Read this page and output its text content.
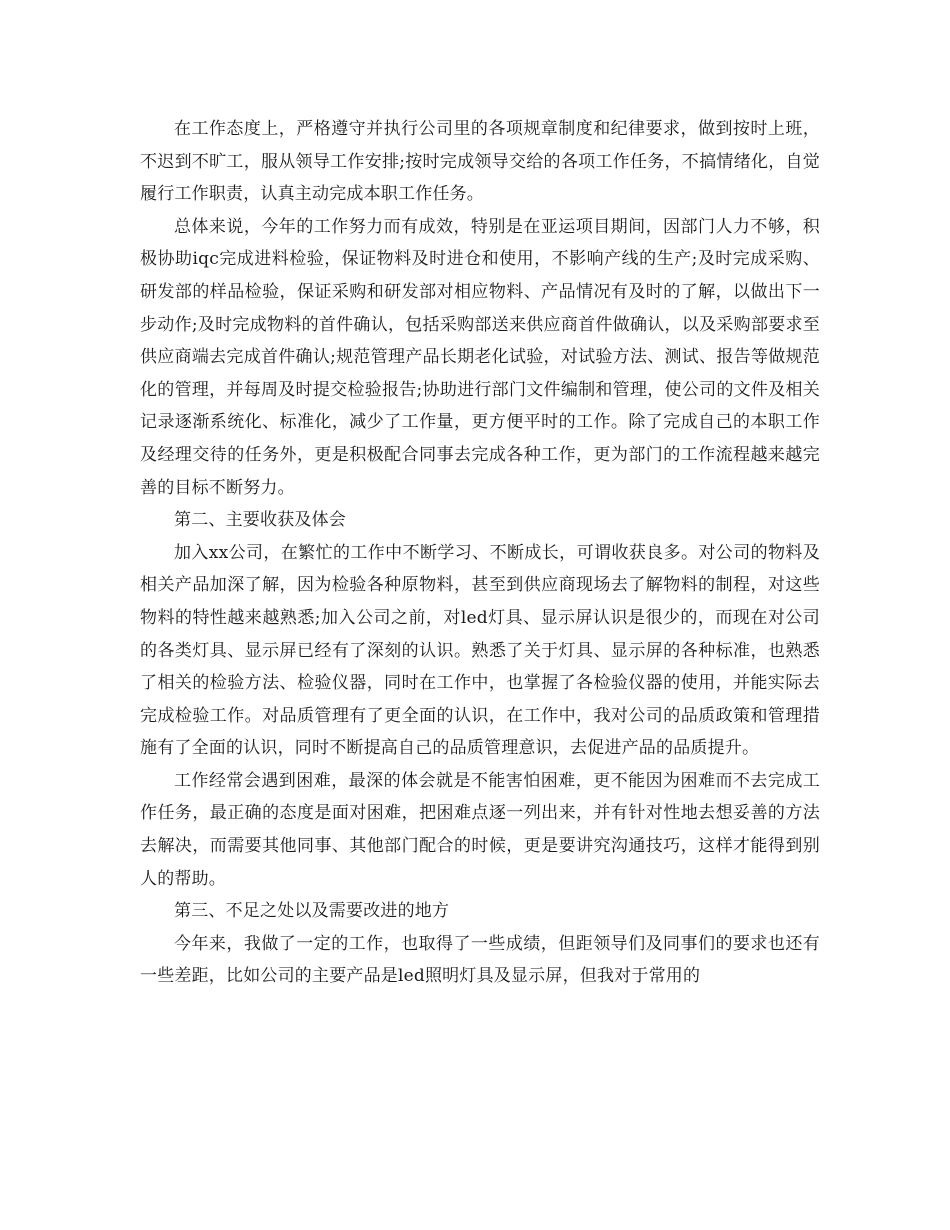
在工作态度上，严格遵守并执行公司里的各项规章制度和纪律要求，做到按时上班，不迟到不旷工，服从领导工作安排;按时完成领导交给的各项工作任务，不搞情绪化，自觉履行工作职责，认真主动完成本职工作任务。

总体来说，今年的工作努力而有成效，特别是在亚运项目期间，因部门人力不够，积极协助iqc完成进料检验，保证物料及时进仓和使用，不影响产线的生产;及时完成采购、研发部的样品检验，保证采购和研发部对相应物料、产品情况有及时的了解，以做出下一步动作;及时完成物料的首件确认，包括采购部送来供应商首件做确认，以及采购部要求至供应商端去完成首件确认;规范管理产品长期老化试验，对试验方法、测试、报告等做规范化的管理，并每周及时提交检验报告;协助进行部门文件编制和管理，使公司的文件及相关记录逐渐系统化、标准化，减少了工作量，更方便平时的工作。除了完成自己的本职工作及经理交待的任务外，更是积极配合同事去完成各种工作，更为部门的工作流程越来越完善的目标不断努力。

第二、主要收获及体会

加入xx公司，在繁忙的工作中不断学习、不断成长，可谓收获良多。对公司的物料及相关产品加深了解，因为检验各种原物料，甚至到供应商现场去了解物料的制程，对这些物料的特性越来越熟悉;加入公司之前，对led灯具、显示屏认识是很少的，而现在对公司的各类灯具、显示屏已经有了深刻的认识。熟悉了关于灯具、显示屏的各种标准，也熟悉了相关的检验方法、检验仪器，同时在工作中，也掌握了各检验仪器的使用，并能实际去完成检验工作。对品质管理有了更全面的认识，在工作中，我对公司的品质政策和管理措施有了全面的认识，同时不断提高自己的品质管理意识，去促进产品的品质提升。

工作经常会遇到困难，最深的体会就是不能害怕困难，更不能因为困难而不去完成工作任务，最正确的态度是面对困难，把困难点逐一列出来，并有针对性地去想妥善的方法去解决，而需要其他同事、其他部门配合的时候，更是要讲究沟通技巧，这样才能得到别人的帮助。

第三、不足之处以及需要改进的地方

今年来，我做了一定的工作，也取得了一些成绩，但距领导们及同事们的要求也还有一些差距，比如公司的主要产品是led照明灯具及显示屏，但我对于常用的
